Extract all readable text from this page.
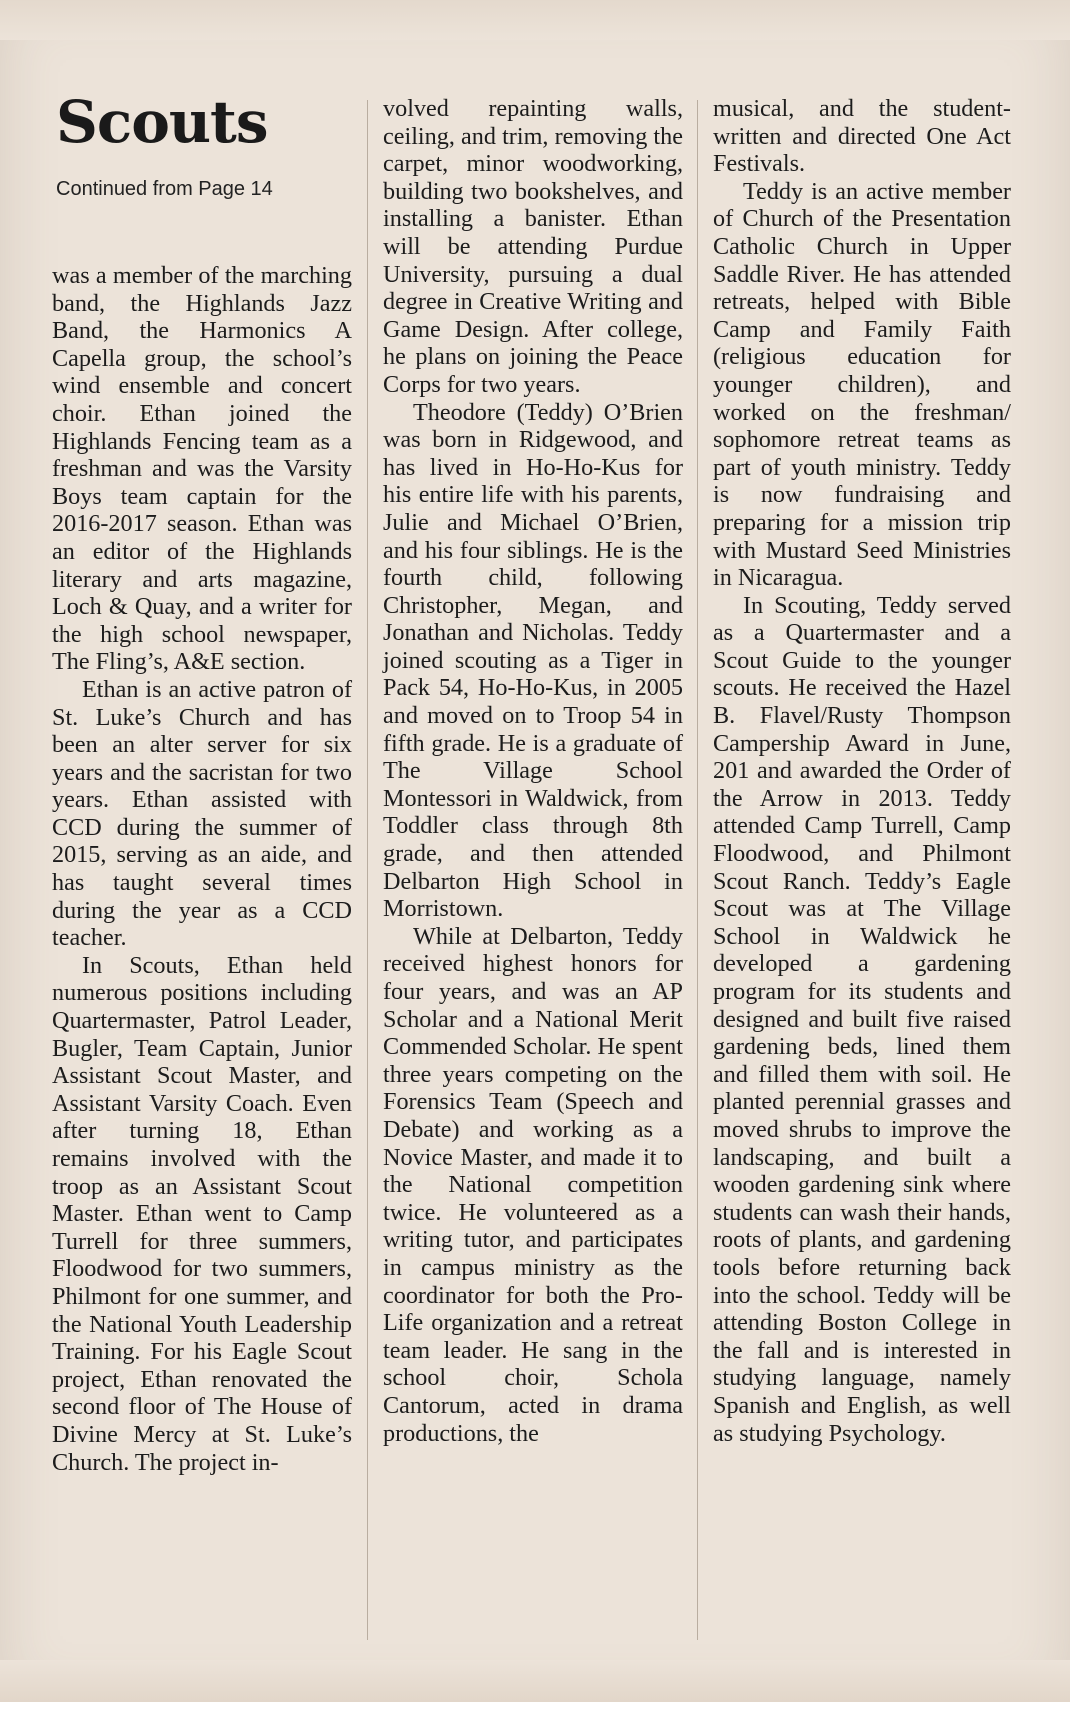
Scouts
Continued from Page 14

was a member of the marching band, the Highlands Jazz Band, the Harmonics A Capella group, the school’s wind ensemble and concert choir. Ethan joined the Highlands Fencing team as a freshman and was the Varsity Boys team captain for the 2016-2017 season. Ethan was an editor of the Highlands literary and arts magazine, Loch & Quay, and a writer for the high school newspaper, The Fling’s, A&E section.

Ethan is an active patron of St. Luke’s Church and has been an alter server for six years and the sacristan for two years. Ethan assisted with CCD during the summer of 2015, serving as an aide, and has taught several times during the year as a CCD teacher.

In Scouts, Ethan held numerous positions including Quartermaster, Patrol Leader, Bugler, Team Captain, Junior Assistant Scout Master, and Assistant Varsity Coach. Even after turning 18, Ethan remains involved with the troop as an Assistant Scout Master. Ethan went to Camp Turrell for three summers, Floodwood for two summers, Philmont for one summer, and the National Youth Leadership Training. For his Eagle Scout project, Ethan renovated the second floor of The House of Divine Mercy at St. Luke’s Church. The project in-

volved repainting walls, ceiling, and trim, removing the carpet, minor woodworking, building two bookshelves, and installing a banister. Ethan will be attending Purdue University, pursuing a dual degree in Creative Writing and Game Design. After college, he plans on joining the Peace Corps for two years.

Theodore (Teddy) O’Brien was born in Ridgewood, and has lived in Ho-Ho-Kus for his entire life with his parents, Julie and Michael O’Brien, and his four siblings. He is the fourth child, following Christopher, Megan, and Jonathan and Nicholas. Teddy joined scouting as a Tiger in Pack 54, Ho-Ho-Kus, in 2005 and moved on to Troop 54 in fifth grade. He is a graduate of The Village School Montessori in Waldwick, from Toddler class through 8th grade, and then attended Delbarton High School in Morristown.

While at Delbarton, Teddy received highest honors for four years, and was an AP Scholar and a National Merit Commended Scholar. He spent three years competing on the Forensics Team (Speech and Debate) and working as a Novice Master, and made it to the National competition twice. He volunteered as a writing tutor, and participates in campus ministry as the coordinator for both the Pro-Life organization and a retreat team leader. He sang in the school choir, Schola Cantorum, acted in drama productions, the

musical, and the student-written and directed One Act Festivals.

Teddy is an active member of Church of the Presentation Catholic Church in Upper Saddle River. He has attended retreats, helped with Bible Camp and Family Faith (religious education for younger children), and worked on the freshman/ sophomore retreat teams as part of youth ministry. Teddy is now fundraising and preparing for a mission trip with Mustard Seed Ministries in Nicaragua.

In Scouting, Teddy served as a Quartermaster and a Scout Guide to the younger scouts. He received the Hazel B. Flavel/Rusty Thompson Campership Award in June, 201 and awarded the Order of the Arrow in 2013. Teddy attended Camp Turrell, Camp Floodwood, and Philmont Scout Ranch. Teddy’s Eagle Scout was at The Village School in Waldwick he developed a gardening program for its students and designed and built five raised gardening beds, lined them and filled them with soil. He planted perennial grasses and moved shrubs to improve the landscaping, and built a wooden gardening sink where students can wash their hands, roots of plants, and gardening tools before returning back into the school. Teddy will be attending Boston College in the fall and is interested in studying language, namely Spanish and English, as well as studying Psychology.
